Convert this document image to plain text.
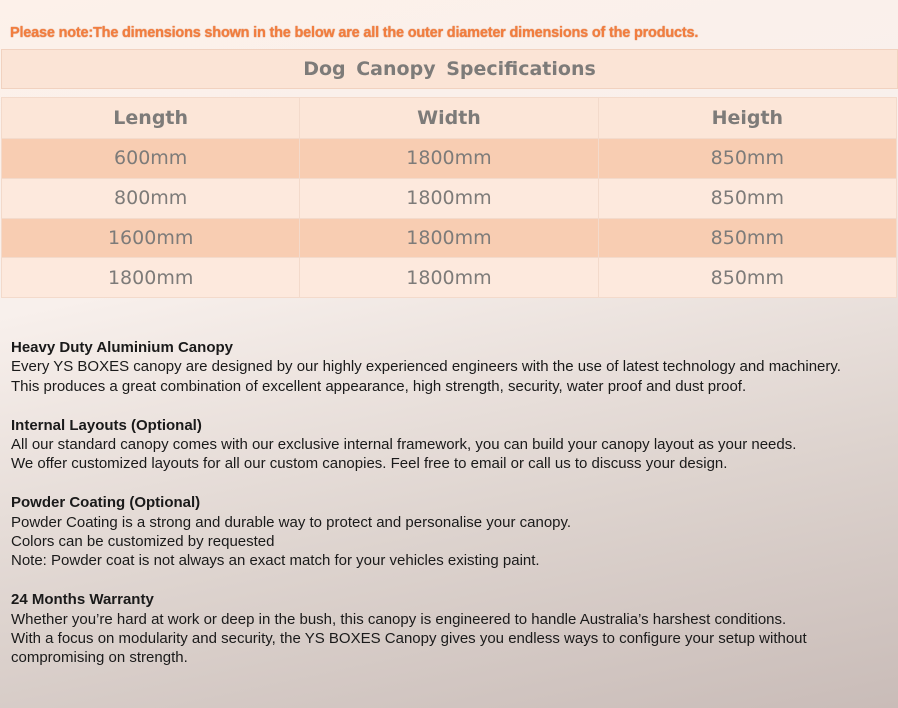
Please note:The dimensions shown in the below are all the outer diameter dimensions of the products.
Dog Canopy Specifications
Length	Width	Heigth
600mm	1800mm	850mm
800mm	1800mm	850mm
1600mm	1800mm	850mm
1800mm	1800mm	850mm
Heavy Duty Aluminium Canopy

Every YS BOXES canopy are designed by our highly experienced engineers with the use of latest technology and machinery.

This produces a great combination of excellent appearance, high strength, security, water proof and dust proof.

Internal Layouts (Optional)

All our standard canopy comes with our exclusive internal framework, you can build your canopy layout as your needs.

We offer customized layouts for all our custom canopies. Feel free to email or call us to discuss your design.

Powder Coating (Optional)

Powder Coating is a strong and durable way to protect and personalise your canopy.

Colors can be customized by requested

Note: Powder coat is not always an exact match for your vehicles existing paint.

24 Months Warranty

Whether you’re hard at work or deep in the bush, this canopy is engineered to handle Australia’s harshest conditions.

With a focus on modularity and security, the YS BOXES Canopy gives you endless ways to configure your setup without compromising on strength.
